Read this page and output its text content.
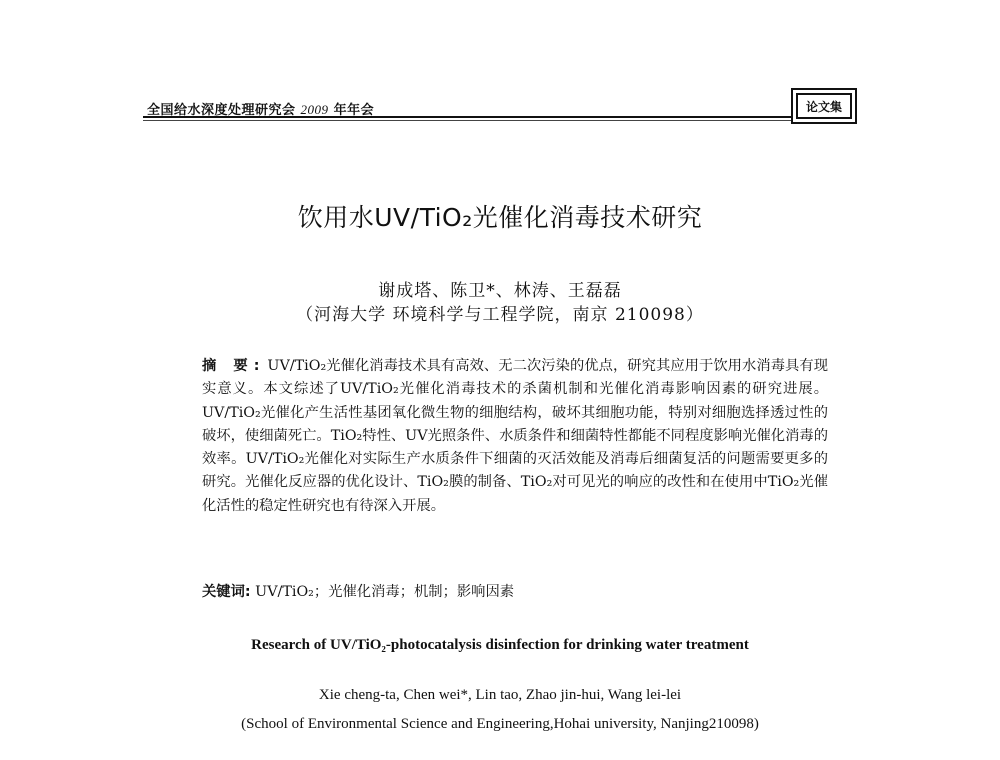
全国给水深度处理研究会 2009 年年会	论文集
饮用水UV/TiO₂光催化消毒技术研究
谢成塔、陈卫*、林涛、王磊磊
（河海大学 环境科学与工程学院，南京 210098）
摘 要: UV/TiO₂光催化消毒技术具有高效、无二次污染的优点，研究其应用于饮用水消毒具有现实意义。本文综述了UV/TiO₂光催化消毒技术的杀菌机制和光催化消毒影响因素的研究进展。UV/TiO₂光催化产生活性基团氧化微生物的细胞结构，破坏其细胞功能，特别对细胞选择透过性的破坏，使细菌死亡。TiO₂特性、UV光照条件、水质条件和细菌特性都能不同程度影响光催化消毒的效率。UV/TiO₂光催化对实际生产水质条件下细菌的灭活效能及消毒后细菌复活的问题需要更多的研究。光催化反应器的优化设计、TiO₂膜的制备、TiO₂对可见光的响应的改性和在使用中TiO₂光催化活性的稳定性研究也有待深入开展。
关键词: UV/TiO₂；光催化消毒；机制；影响因素
Research of UV/TiO₂-photocatalysis disinfection for drinking water treatment
Xie cheng-ta, Chen wei*, Lin tao, Zhao jin-hui, Wang lei-lei
(School of Environmental Science and Engineering,Hohai university, Nanjing210098)
